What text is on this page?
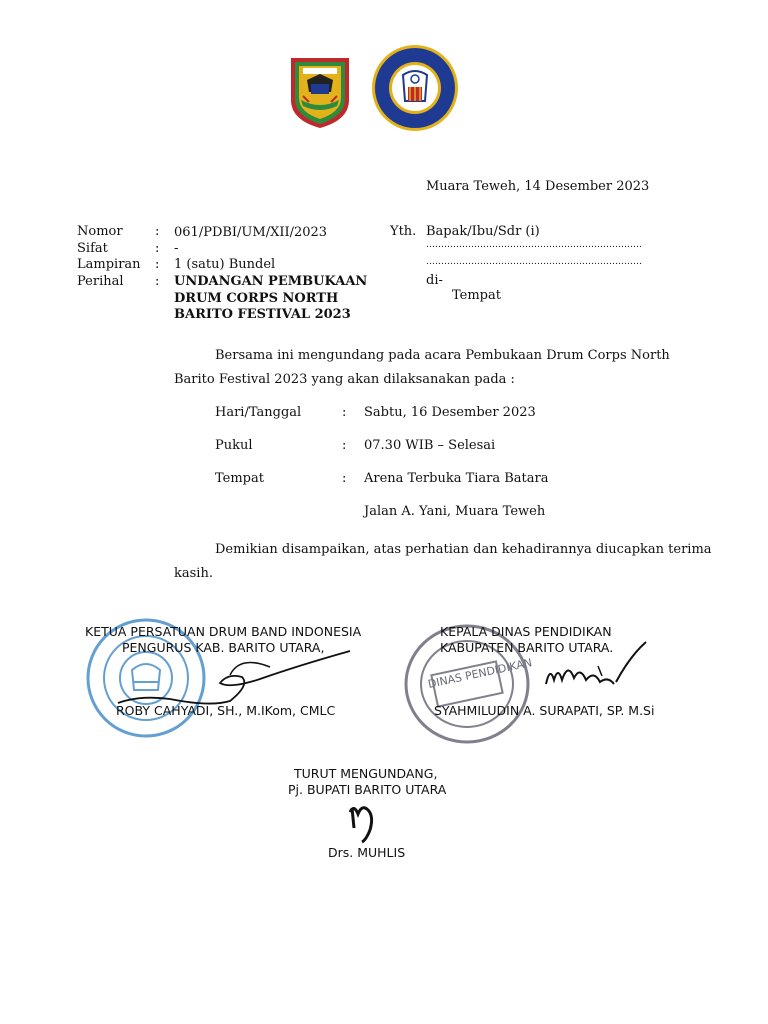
Muara Teweh, 14 Desember 2023
Nomor : 061/PDBI/UM/XII/2023
Sifat	: -
Lampiran : 1 (satu) Bundel
Perihal : UNDANGAN PEMBUKAAN
DRUM CORPS NORTH
BARITO FESTIVAL 2023
Yth. Bapak/Ibu/Sdr (i)
………………………………………………………………
………………………………………………………………
di-
Tempat
Bersama ini mengundang pada acara Pembukaan Drum Corps North
Barito Festival 2023 yang akan dilaksanakan pada :
Hari/Tanggal	: Sabtu, 16 Desember 2023
Pukul	: 07.30 WIB – Selesai
Tempat	: Arena Terbuka Tiara Batara
Jalan A. Yani, Muara Teweh
Demikian disampaikan, atas perhatian dan kehadirannya diucapkan terima
kasih.
KETUA PERSATUAN DRUM BAND INDONESIA
PENGURUS KAB. BARITO UTARA,
ROBY CAHYADI, SH., M.IKom, CMLC
DINAS PENDIDIKAN
KEPALA DINAS PENDIDIKAN
KABUPATEN BARITO UTARA.
SYAHMILUDIN A. SURAPATI, SP. M.Si
TURUT MENGUNDANG,
Pj. BUPATI BARITO UTARA
Drs. MUHLIS
